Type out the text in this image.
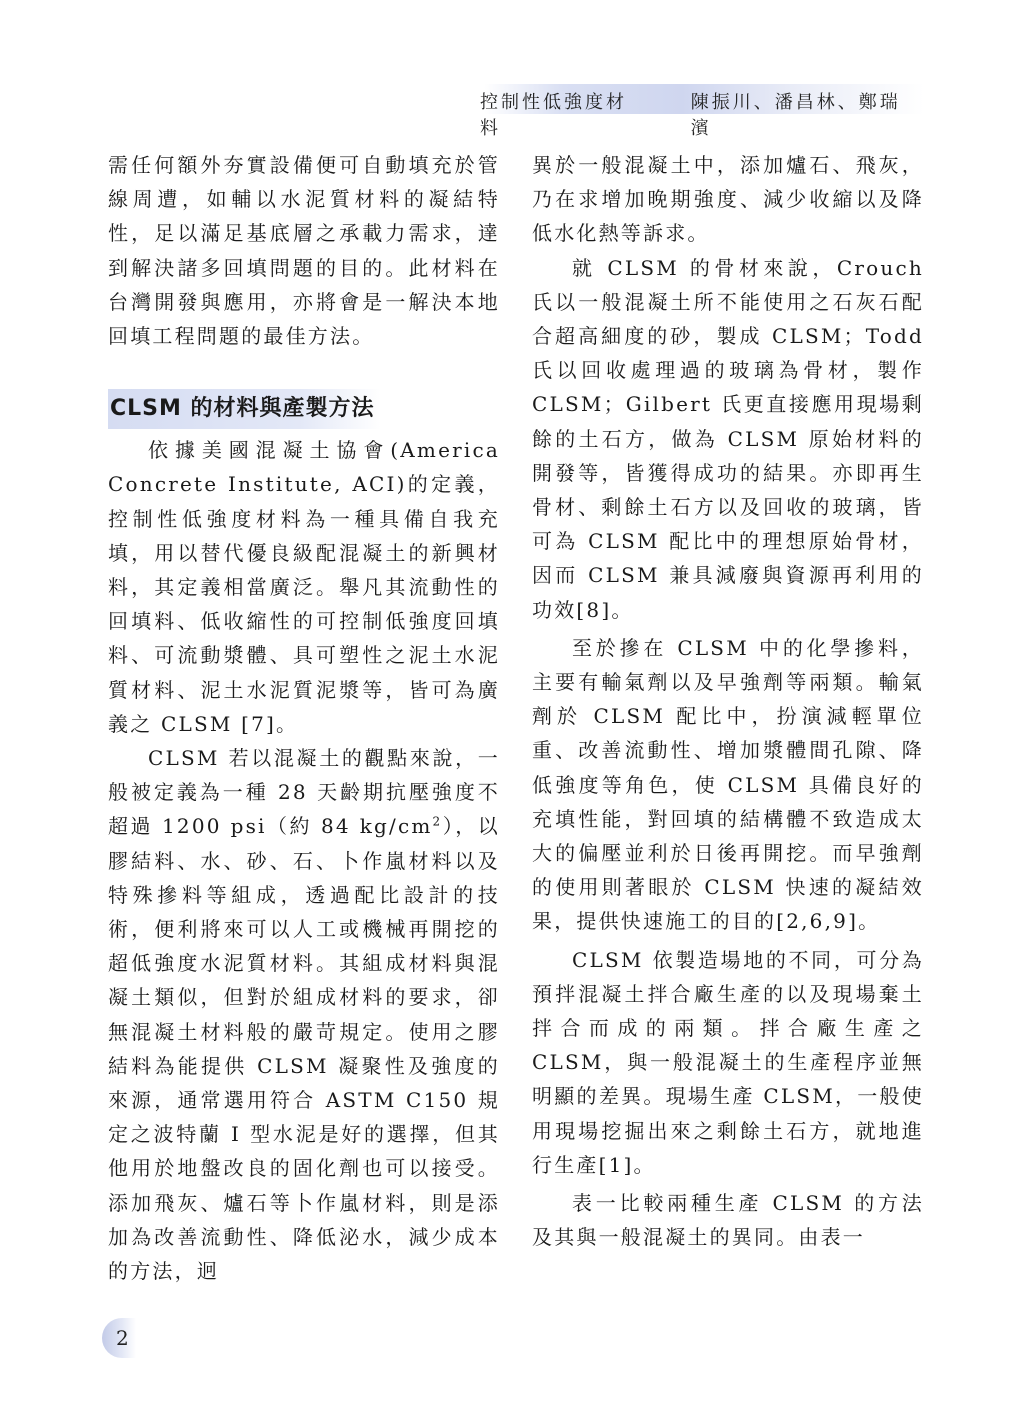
控制性低強度材料
陳振川、潘昌林、鄭瑞濱

需任何額外夯實設備便可自動填充於管線周遭，如輔以水泥質材料的凝結特性，足以滿足基底層之承載力需求，達到解決諸多回填問題的目的。此材料在台灣開發與應用，亦將會是一解決本地回填工程問題的最佳方法。

CLSM 的材料與產製方法

依據美國混凝土協會(America Concrete Institute, ACI)的定義，控制性低強度材料為一種具備自我充填，用以替代優良級配混凝土的新興材料，其定義相當廣泛。舉凡其流動性的回填料、低收縮性的可控制低強度回填料、可流動漿體、具可塑性之泥土水泥質材料、泥土水泥質泥漿等，皆可為廣義之 CLSM [7]。

CLSM 若以混凝土的觀點來說，一般被定義為一種 28 天齡期抗壓強度不超過 1200 psi（約 84 $kg/cm^2$），以膠結料、水、砂、石、卜作嵐材料以及特殊摻料等組成，透過配比設計的技術，便利將來可以人工或機械再開挖的超低強度水泥質材料。其組成材料與混凝土類似，但對於組成材料的要求，卻無混凝土材料般的嚴苛規定。使用之膠結料為能提供 CLSM 凝聚性及強度的來源，通常選用符合 ASTM C150 規定之波特蘭 I 型水泥是好的選擇，但其他用於地盤改良的固化劑也可以接受。添加飛灰、爐石等卜作嵐材料，則是添加為改善流動性、降低泌水，減少成本的方法，迥

異於一般混凝土中，添加爐石、飛灰，乃在求增加晚期強度、減少收縮以及降低水化熱等訴求。

就 CLSM 的骨材來說，Crouch 氏以一般混凝土所不能使用之石灰石配合超高細度的砂，製成 CLSM；Todd 氏以回收處理過的玻璃為骨材，製作 CLSM；Gilbert 氏更直接應用現場剩餘的土石方，做為 CLSM 原始材料的開發等，皆獲得成功的結果。亦即再生骨材、剩餘土石方以及回收的玻璃，皆可為 CLSM 配比中的理想原始骨材，因而 CLSM 兼具減廢與資源再利用的功效[8]。

至於摻在 CLSM 中的化學摻料，主要有輸氣劑以及早強劑等兩類。輸氣劑於 CLSM 配比中，扮演減輕單位重、改善流動性、增加漿體間孔隙、降低強度等角色，使 CLSM 具備良好的充填性能，對回填的結構體不致造成太大的偏壓並利於日後再開挖。而早強劑的使用則著眼於 CLSM 快速的凝結效果，提供快速施工的目的[2,6,9]。

CLSM 依製造場地的不同，可分為預拌混凝土拌合廠生產的以及現場棄土拌合而成的兩類。拌合廠生產之 CLSM，與一般混凝土的生產程序並無明顯的差異。現場生產 CLSM，一般使用現場挖掘出來之剩餘土石方，就地進行生產[1]。

表一比較兩種生產 CLSM 的方法及其與一般混凝土的異同。由表一

2
